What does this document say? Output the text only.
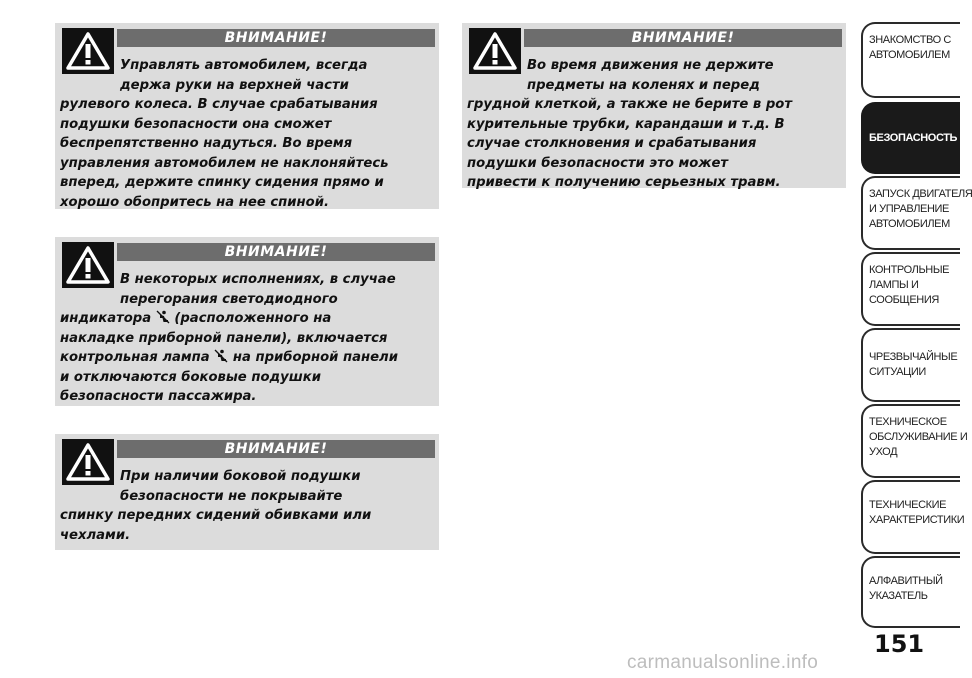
ВНИМАНИЕ!
Управлять автомобилем, всегда
держа руки на верхней части
рулевого колеса. В случае срабатывания
подушки безопасности она сможет
беспрепятственно надуться. Во время
управления автомобилем не наклоняйтесь
вперед, держите спинку сидения прямо и
хорошо обопритесь на нее спиной.
ВНИМАНИЕ!
В некоторых исполнениях, в случае
перегорания светодиодного
индикатора (расположенного на
накладке приборной панели), включается
контрольная лампа на приборной панели
и отключаются боковые подушки
безопасности пассажира.
ВНИМАНИЕ!
При наличии боковой подушки
безопасности не покрывайте
спинку передних сидений обивками или
чехлами.
ВНИМАНИЕ!
Во время движения не держите
предметы на коленях и перед
грудной клеткой, а также не берите в рот
курительные трубки, карандаши и т.д. В
случае столкновения и срабатывания
подушки безопасности это может
привести к получению серьезных травм.
ЗНАКОМСТВО С
АВТОМОБИЛЕМ
БЕЗОПАСНОСТЬ
ЗАПУСК ДВИГАТЕЛЯ
И УПРАВЛЕНИЕ
АВТОМОБИЛЕМ
КОНТРОЛЬНЫЕ
ЛАМПЫ И
СООБЩЕНИЯ
ЧРЕЗВЫЧАЙНЫЕ
СИТУАЦИИ
ТЕХНИЧЕСКОЕ
ОБСЛУЖИВАНИЕ И
УХОД
ТЕХНИЧЕСКИЕ
ХАРАКТЕРИСТИКИ
АЛФАВИТНЫЙ
УКАЗАТЕЛЬ
151
carmanualsonline.info
